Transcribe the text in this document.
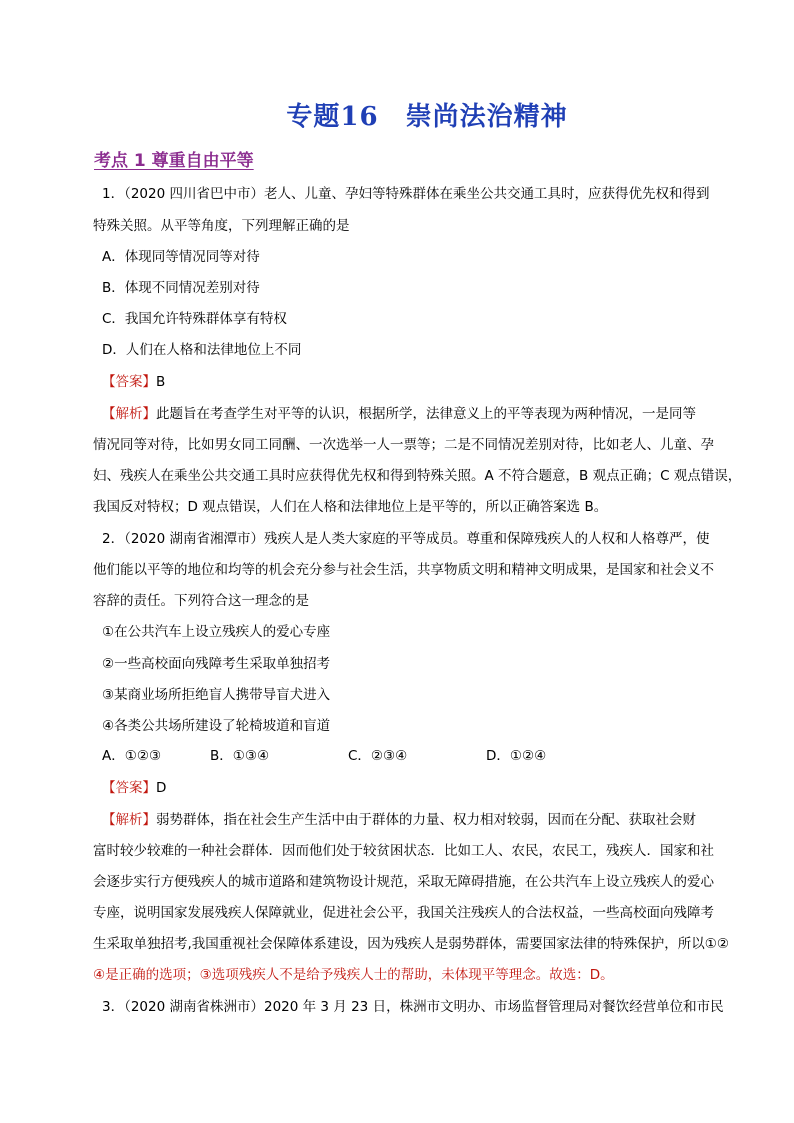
专题16　崇尚法治精神
考点 1 尊重自由平等
1．（2020 四川省巴中市）老人、儿童、孕妇等特殊群体在乘坐公共交通工具时，应获得优先权和得到
特殊关照。从平等角度，下列理解正确的是
A．体现同等情况同等对待
B．体现不同情况差别对待
C．我国允许特殊群体享有特权
D．人们在人格和法律地位上不同
【答案】B
【解析】此题旨在考查学生对平等的认识，根据所学，法律意义上的平等表现为两种情况，一是同等
情况同等对待，比如男女同工同酬、一次选举一人一票等；二是不同情况差别对待，比如老人、儿童、孕
妇、残疾人在乘坐公共交通工具时应获得优先权和得到特殊关照。A 不符合题意，B 观点正确；C 观点错误，
我国反对特权；D 观点错误，人们在人格和法律地位上是平等的，所以正确答案选 B。
2．（2020 湖南省湘潭市）残疾人是人类大家庭的平等成员。尊重和保障残疾人的人权和人格尊严，使
他们能以平等的地位和均等的机会充分参与社会生活，共享物质文明和精神文明成果，是国家和社会义不
容辞的责任。下列符合这一理念的是
①在公共汽车上设立残疾人的爱心专座
②一些高校面向残障考生采取单独招考
③某商业场所拒绝盲人携带导盲犬进入
④各类公共场所建设了轮椅坡道和盲道
A．①②③	B．①③④	C．②③④	D．①②④
【答案】D
【解析】弱势群体，指在社会生产生活中由于群体的力量、权力相对较弱，因而在分配、获取社会财
富时较少较难的一种社会群体．因而他们处于较贫困状态．比如工人、农民，农民工，残疾人．国家和社
会逐步实行方便残疾人的城市道路和建筑物设计规范，采取无障碍措施，在公共汽车上设立残疾人的爱心
专座，说明国家发展残疾人保障就业，促进社会公平，我国关注残疾人的合法权益，一些高校面向残障考
生采取单独招考,我国重视社会保障体系建设，因为残疾人是弱势群体，需要国家法律的特殊保护，所以①②
④是正确的选项；③选项残疾人不是给予残疾人士的帮助，未体现平等理念。故选：D。
3．（2020 湖南省株洲市）2020 年 3 月 23 日，株洲市文明办、市场监督管理局对餐饮经营单位和市民
